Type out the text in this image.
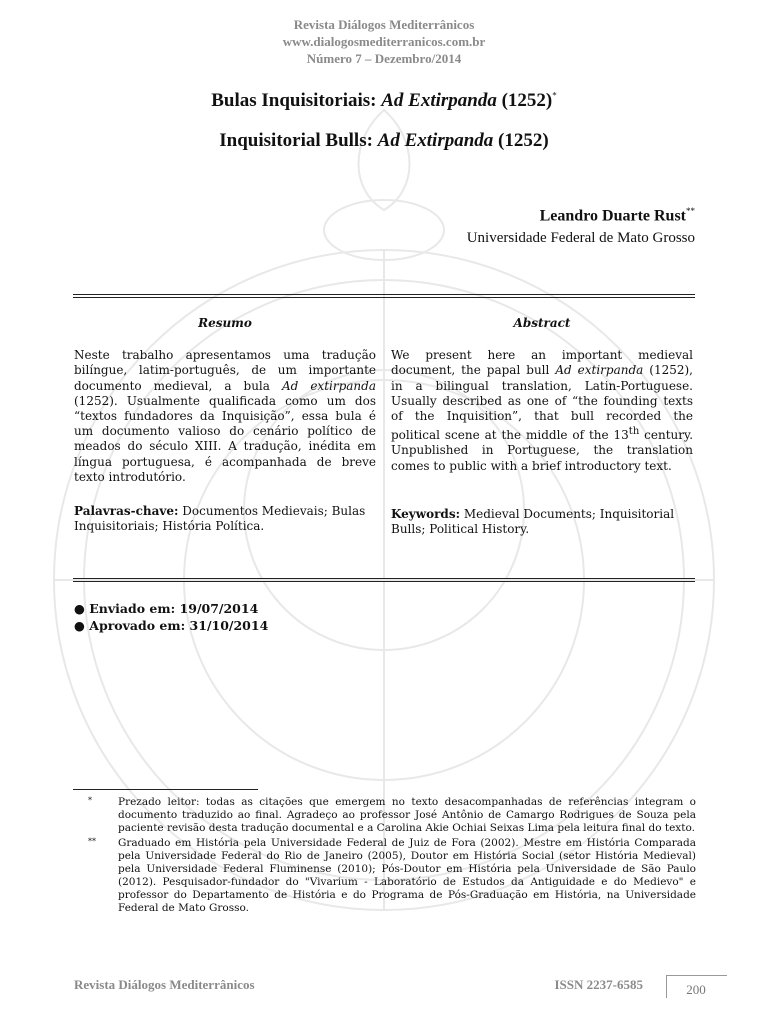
Revista Diálogos Mediterrânicos
www.dialogosmediterranicos.com.br
Número 7 – Dezembro/2014
Bulas Inquisitoriais: Ad Extirpanda (1252)*
Inquisitorial Bulls: Ad Extirpanda (1252)
Leandro Duarte Rust**
Universidade Federal de Mato Grosso
Resumo

Neste trabalho apresentamos uma tradução bilíngue, latim-português, de um importante documento medieval, a bula Ad extirpanda (1252). Usualmente qualificada como um dos “textos fundadores da Inquisição”, essa bula é um documento valioso do cenário político de meados do século XIII. A tradução, inédita em língua portuguesa, é acompanhada de breve texto introdutório.

Palavras-chave: Documentos Medievais; Bulas Inquisitoriais; História Política.

Abstract

We present here an important medieval document, the papal bull Ad extirpanda (1252), in a bilingual translation, Latin-Portuguese. Usually described as one of “the founding texts of the Inquisition”, that bull recorded the political scene at the middle of the 13th century. Unpublished in Portuguese, the translation comes to public with a brief introductory text.

Keywords: Medieval Documents; Inquisitorial Bulls; Political History.

● Enviado em: 19/07/2014
● Aprovado em: 31/10/2014
*	Prezado leitor: todas as citações que emergem no texto desacompanhadas de referências integram o documento traduzido ao final. Agradeço ao professor José Antônio de Camargo Rodrigues de Souza pela paciente revisão desta tradução documental e a Carolina Akie Ochiai Seixas Lima pela leitura final do texto.
**	Graduado em História pela Universidade Federal de Juiz de Fora (2002). Mestre em História Comparada pela Universidade Federal do Rio de Janeiro (2005), Doutor em História Social (setor História Medieval) pela Universidade Federal Fluminense (2010); Pós-Doutor em História pela Universidade de São Paulo (2012). Pesquisador-fundador do "Vivarium - Laboratório de Estudos da Antiguidade e do Medievo" e professor do Departamento de História e do Programa de Pós-Graduação em História, na Universidade Federal de Mato Grosso.
Revista Diálogos Mediterrânicos	ISSN 2237-6585	200
